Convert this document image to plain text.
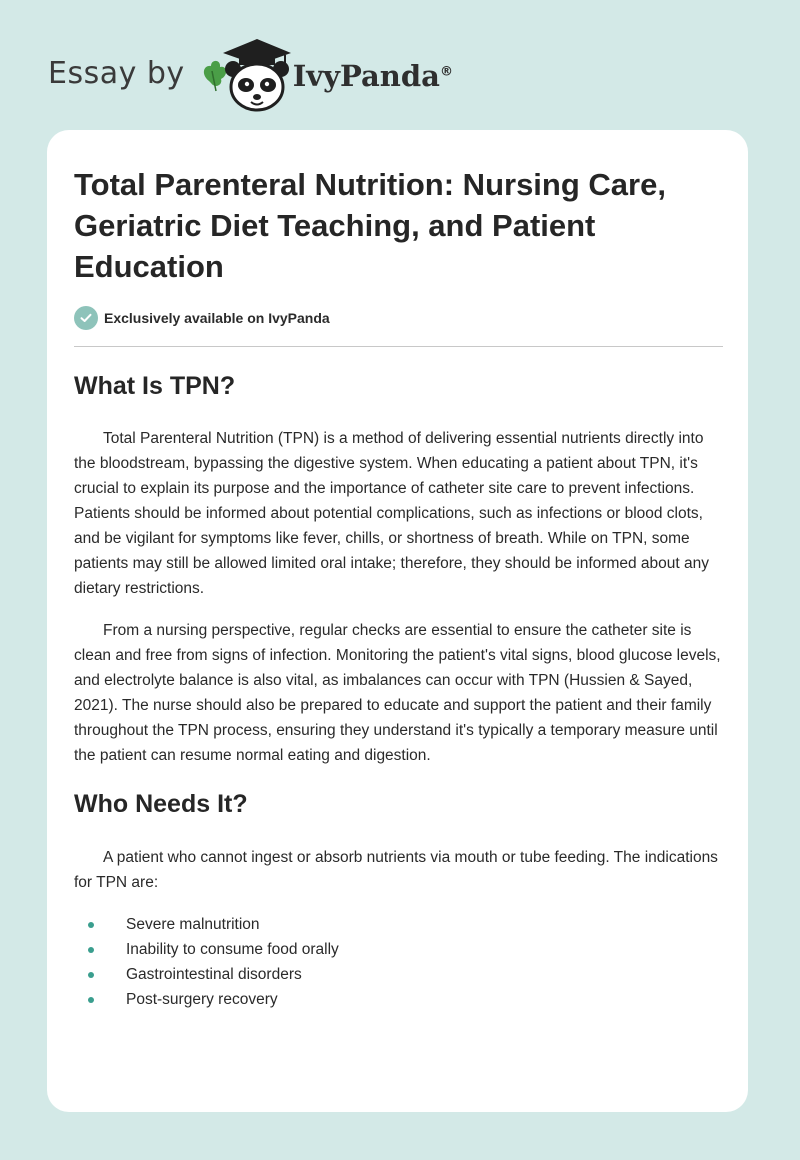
Essay by	IvyPanda®
Total Parenteral Nutrition: Nursing Care, Geriatric Diet Teaching, and Patient Education
Exclusively available on IvyPanda
What Is TPN?

Total Parenteral Nutrition (TPN) is a method of delivering essential nutrients directly into the bloodstream, bypassing the digestive system. When educating a patient about TPN, it's crucial to explain its purpose and the importance of catheter site care to prevent infections. Patients should be informed about potential complications, such as infections or blood clots, and be vigilant for symptoms like fever, chills, or shortness of breath. While on TPN, some patients may still be allowed limited oral intake; therefore, they should be informed about any dietary restrictions.

From a nursing perspective, regular checks are essential to ensure the catheter site is clean and free from signs of infection. Monitoring the patient's vital signs, blood glucose levels, and electrolyte balance is also vital, as imbalances can occur with TPN (Hussien & Sayed, 2021). The nurse should also be prepared to educate and support the patient and their family throughout the TPN process, ensuring they understand it's typically a temporary measure until the patient can resume normal eating and digestion.

Who Needs It?

A patient who cannot ingest or absorb nutrients via mouth or tube feeding. The indications for TPN are:

Severe malnutrition
Inability to consume food orally
Gastrointestinal disorders
Post-surgery recovery
